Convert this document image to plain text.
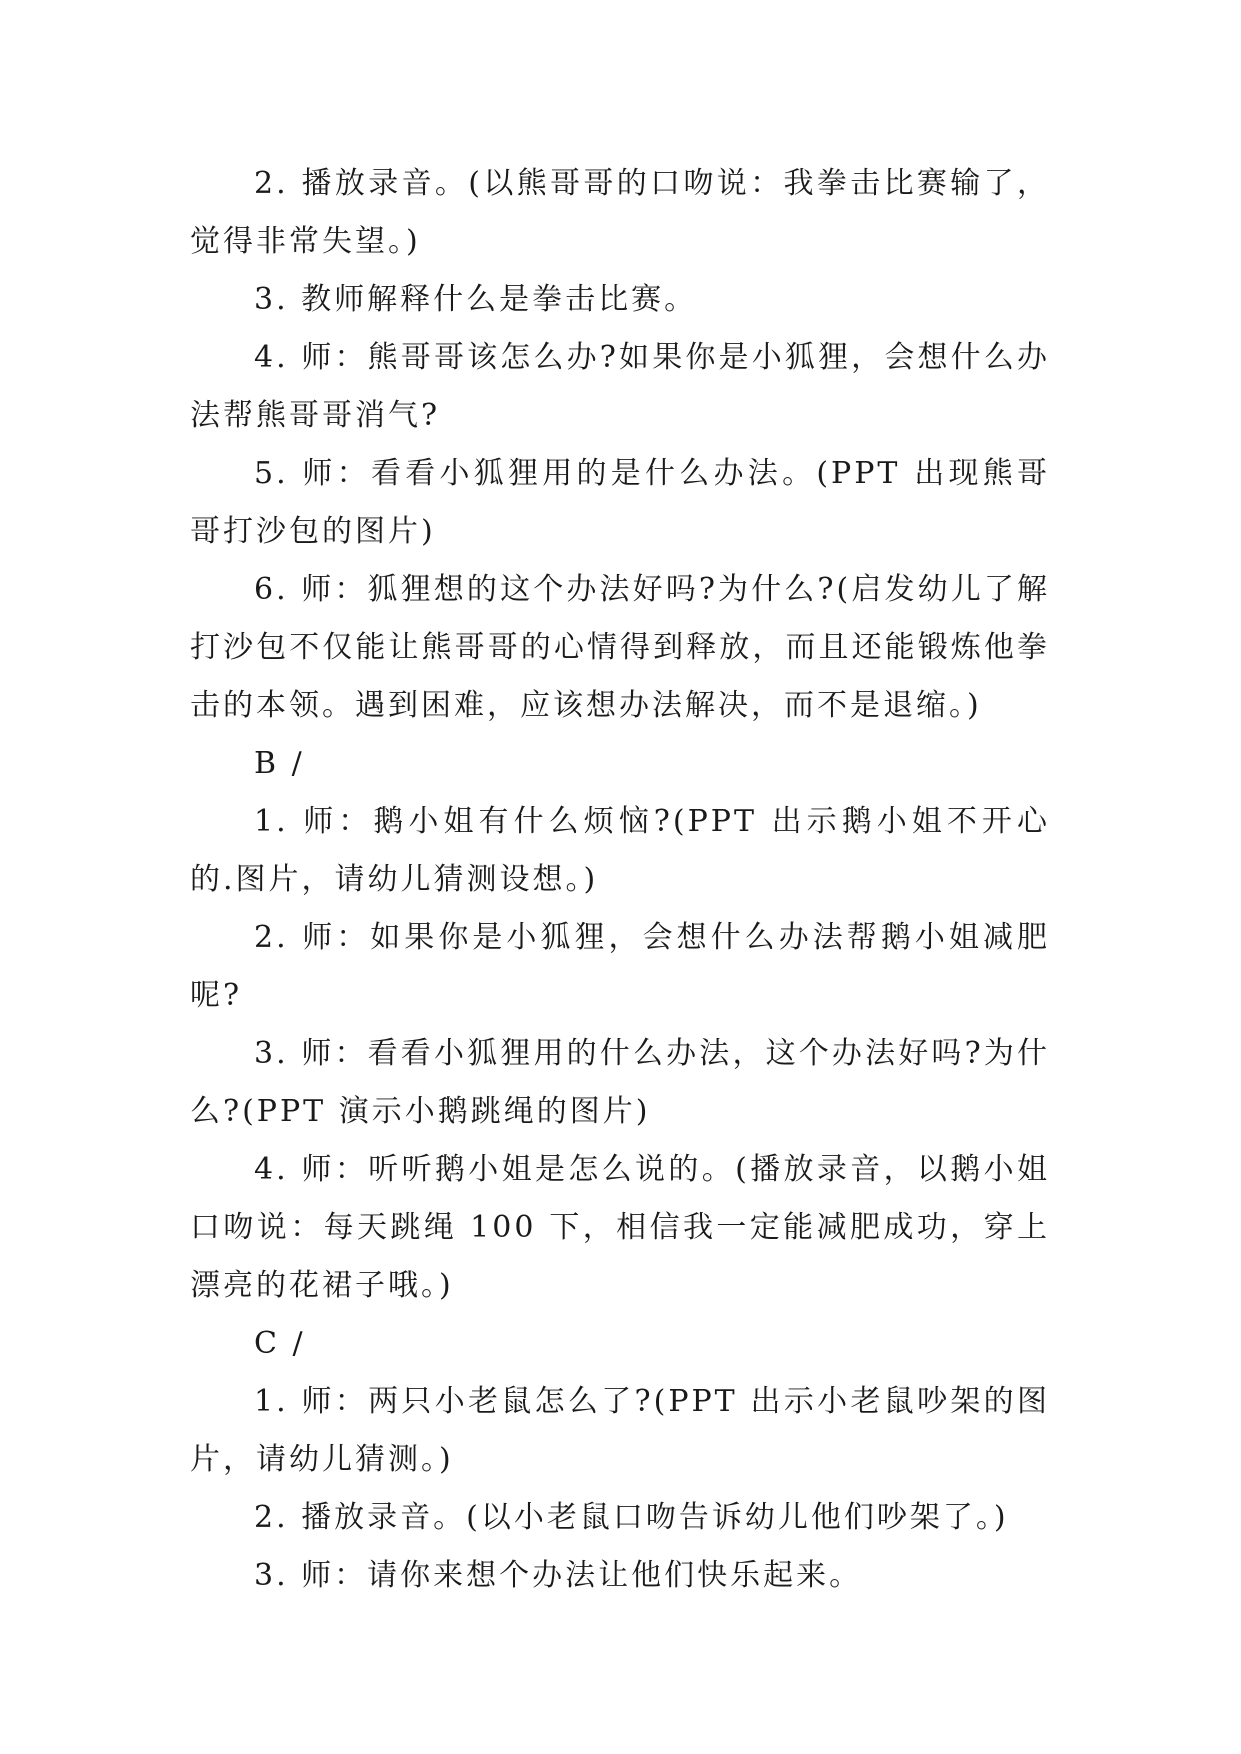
2. 播放录音。(以熊哥哥的口吻说：我拳击比赛输了，觉得非常失望。)

3. 教师解释什么是拳击比赛。

4. 师：熊哥哥该怎么办?如果你是小狐狸，会想什么办法帮熊哥哥消气?

5. 师：看看小狐狸用的是什么办法。(PPT 出现熊哥哥打沙包的图片)

6. 师：狐狸想的这个办法好吗?为什么?(启发幼儿了解打沙包不仅能让熊哥哥的心情得到释放，而且还能锻炼他拳击的本领。遇到困难，应该想办法解决，而不是退缩。)

B /

1. 师：鹅小姐有什么烦恼?(PPT 出示鹅小姐不开心的.图片，请幼儿猜测设想。)

2. 师：如果你是小狐狸，会想什么办法帮鹅小姐减肥呢?

3. 师：看看小狐狸用的什么办法，这个办法好吗?为什么?(PPT 演示小鹅跳绳的图片)

4. 师：听听鹅小姐是怎么说的。(播放录音，以鹅小姐口吻说：每天跳绳 100 下，相信我一定能减肥成功，穿上漂亮的花裙子哦。)

C /

1. 师：两只小老鼠怎么了?(PPT 出示小老鼠吵架的图片，请幼儿猜测。)

2. 播放录音。(以小老鼠口吻告诉幼儿他们吵架了。)

3. 师：请你来想个办法让他们快乐起来。
